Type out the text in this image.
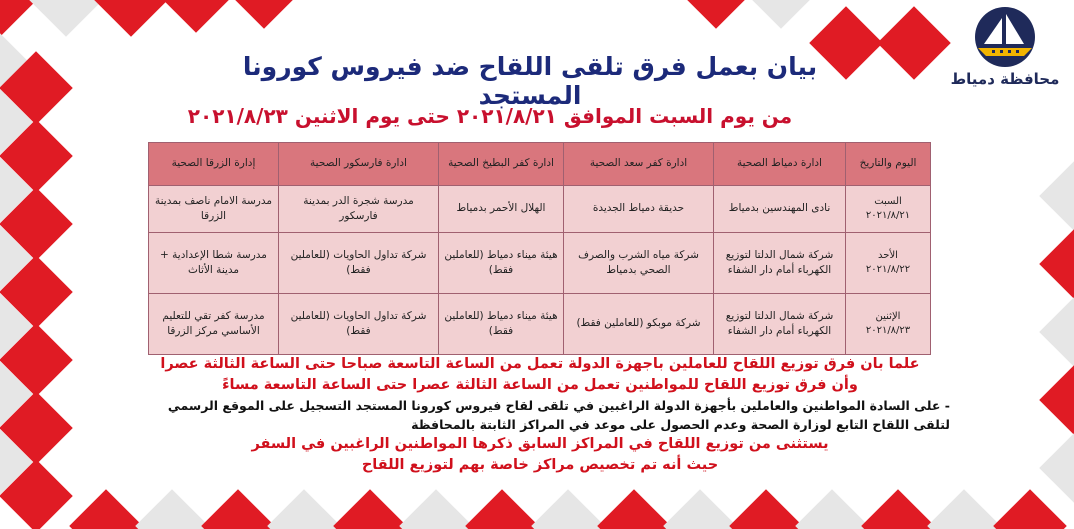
محافظة دمياط
بيان بعمل فرق تلقى اللقاح ضد فيروس كورونا المستجد
من يوم السبت الموافق ٢٠٢١/٨/٢١ حتى يوم الاثنين ٢٠٢١/٨/٢٣
اليوم والتاريخ	ادارة دمياط الصحية	ادارة كفر سعد الصحية	ادارة كفر البطيخ الصحية	ادارة فارسكور الصحية	إدارة الزرقا الصحية

السبت
٢٠٢١/٨/٢١	نادى المهندسين بدمياط	حديقة دمياط الجديدة	الهلال الأحمر بدمياط	مدرسة شجرة الدر بمدينة فارسكور	مدرسة الامام ناصف بمدينة الزرقا

الأحد
٢٠٢١/٨/٢٢	شركة شمال الدلتا لتوزيع الكهرباء أمام دار الشفاء	شركة مياه الشرب والصرف الصحي بدمياط	هيئة ميناء دمياط (للعاملين فقط)	شركة تداول الحاويات (للعاملين فقط)	مدرسة شطا الإعدادية + مدينة الأثاث

الإثنين
٢٠٢١/٨/٢٣	شركة شمال الدلتا لتوزيع الكهرباء أمام دار الشفاء	شركة موبكو (للعاملين فقط)	هيئة ميناء دمياط (للعاملين فقط)	شركة تداول الحاويات (للعاملين فقط)	مدرسة كفر تقي للتعليم الأساسي مركز الزرقا
علما بان فرق توزيع اللقاح للعاملين باجهزة الدولة تعمل من الساعة التاسعة صباحا حتى الساعة الثالثة عصرا
وأن فرق توزيع اللقاح للمواطنين تعمل من الساعة الثالثة عصرا حتى الساعة التاسعة مساءً
- على السادة المواطنين والعاملين بأجهزة الدولة الراغبين في تلقى لقاح فيروس كورونا المستجد التسجيل على الموقع الرسمي
لتلقى اللقاح التابع لوزارة الصحة وعدم الحصول على موعد في المراكز الثابتة بالمحافظة
يستثنى من توزيع اللقاح في المراكز السابق ذكرها المواطنين الراغبين في السفر
حيث أنه تم تخصيص مراكز خاصة بهم لتوزيع اللقاح
